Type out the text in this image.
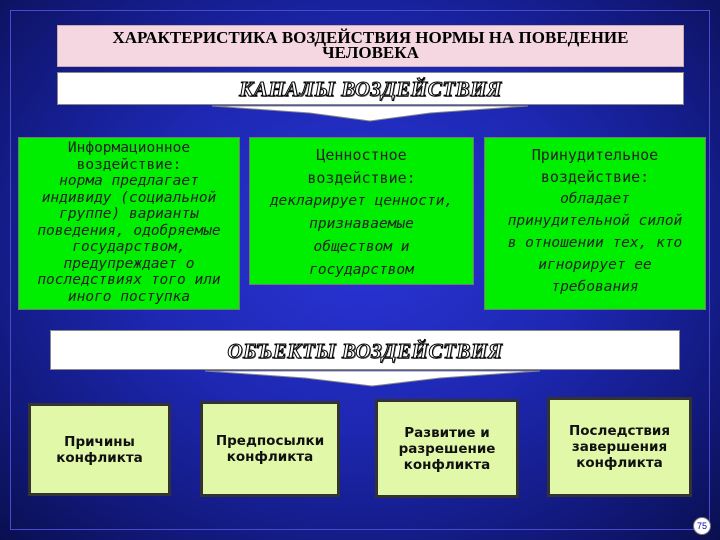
ХАРАКТЕРИСТИКА ВОЗДЕЙСТВИЯ НОРМЫ НА ПОВЕДЕНИЕ
ЧЕЛОВЕКА
КАНАЛЫ ВОЗДЕЙСТВИЯ
Информационное
воздействие:
норма предлагает
индивиду (социальной
группе) варианты
поведения, одобряемые
государством,
предупреждает о
последствиях того или
иного поступка
Ценностное
воздействие:
декларирует ценности,
признаваемые
обществом и
государством
Принудительное
воздействие:
обладает
принудительной силой
в отношении тех, кто
игнорирует ее
требования
ОБЪЕКТЫ ВОЗДЕЙСТВИЯ
Причины
конфликта
Предпосылки
конфликта
Развитие и
разрешение
конфликта
Последствия
завершения
конфликта
75
